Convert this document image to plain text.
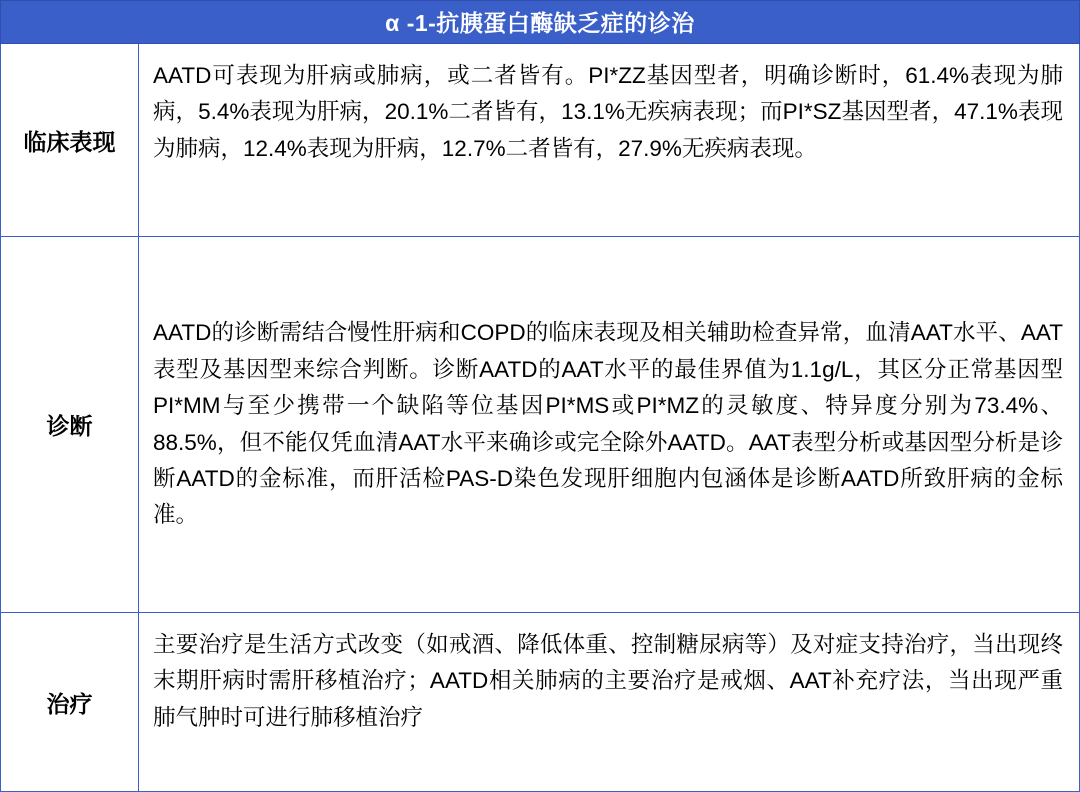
α -1-抗胰蛋白酶缺乏症的诊治
临床表现
AATD可表现为肝病或肺病，或二者皆有。PI*ZZ基因型者，明确诊断时，61.4%表现为肺病，5.4%表现为肝病，20.1%二者皆有，13.1%无疾病表现；而PI*SZ基因型者，47.1%表现为肺病，12.4%表现为肝病，12.7%二者皆有，27.9%无疾病表现。
诊断
AATD的诊断需结合慢性肝病和COPD的临床表现及相关辅助检查异常，血清AAT水平、AAT表型及基因型来综合判断。诊断AATD的AAT水平的最佳界值为1.1g/L，其区分正常基因型PI*MM与至少携带一个缺陷等位基因PI*MS或PI*MZ的灵敏度、特异度分别为73.4%、88.5%，但不能仅凭血清AAT水平来确诊或完全除外AATD。AAT表型分析或基因型分析是诊断AATD的金标准，而肝活检PAS-D染色发现肝细胞内包涵体是诊断AATD所致肝病的金标准。
治疗
主要治疗是生活方式改变（如戒酒、降低体重、控制糖尿病等）及对症支持治疗，当出现终末期肝病时需肝移植治疗；AATD相关肺病的主要治疗是戒烟、AAT补充疗法，当出现严重肺气肿时可进行肺移植治疗
